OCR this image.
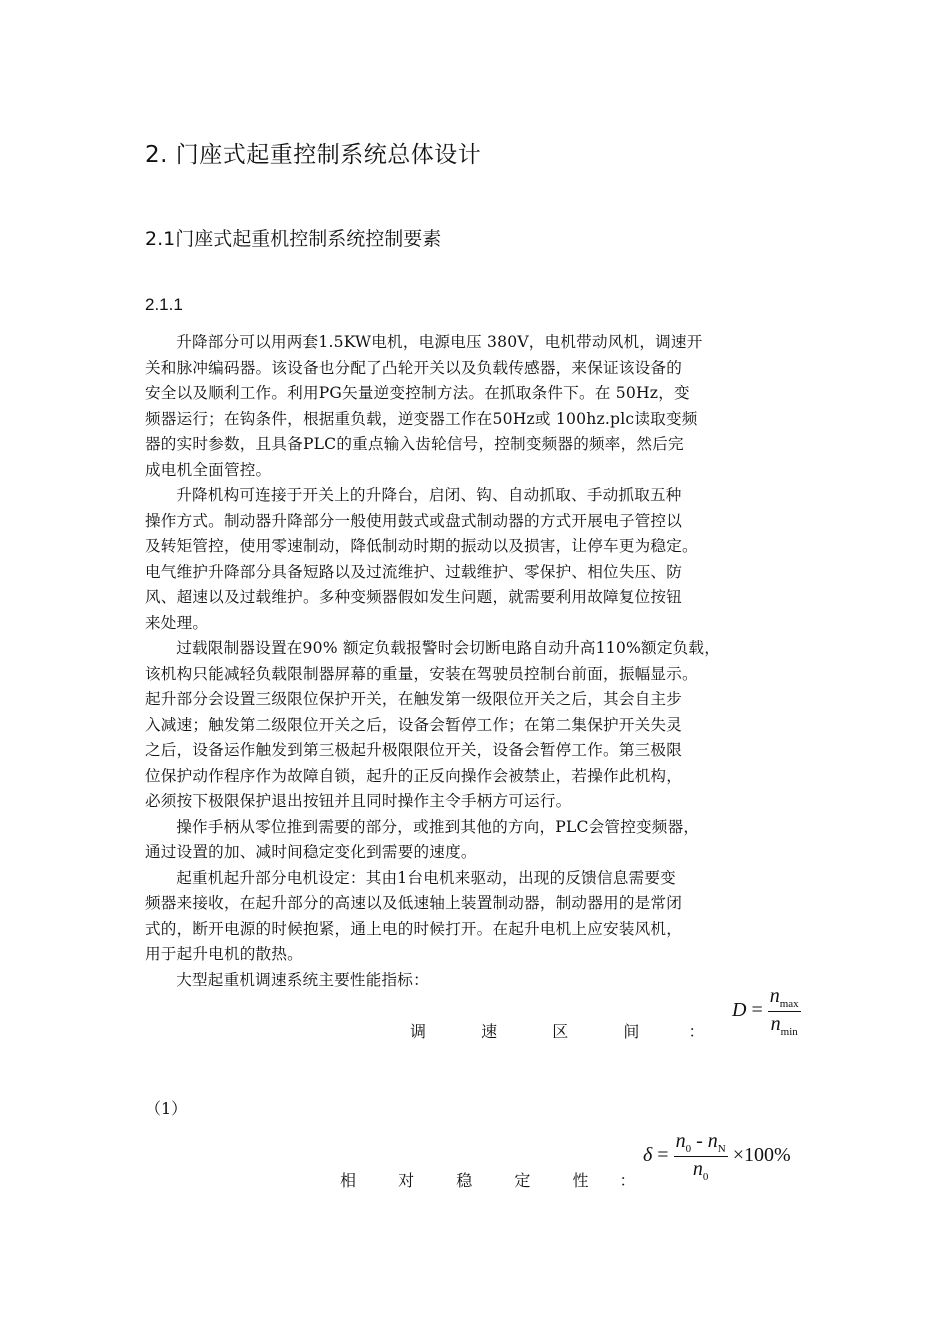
2. 门座式起重控制系统总体设计
2.1门座式起重机控制系统控制要素
2.1.1

升降部分可以用两套1.5KW电机，电源电压 380V，电机带动风机，调速开
关和脉冲编码器。该设备也分配了凸轮开关以及负载传感器，来保证该设备的
安全以及顺利工作。利用PG矢量逆变控制方法。在抓取条件下。在 50Hz，变
频器运行；在钩条件，根据重负载，逆变器工作在50Hz或 100hz.plc读取变频
器的实时参数，且具备PLC的重点输入齿轮信号，控制变频器的频率，然后完
成电机全面管控。

升降机构可连接于开关上的升降台，启闭、钩、自动抓取、手动抓取五种
操作方式。制动器升降部分一般使用鼓式或盘式制动器的方式开展电子管控以
及转矩管控，使用零速制动，降低制动时期的振动以及损害，让停车更为稳定。
电气维护升降部分具备短路以及过流维护、过载维护、零保护、相位失压、防
风、超速以及过载维护。多种变频器假如发生问题，就需要利用故障复位按钮
来处理。

过载限制器设置在90% 额定负载报警时会切断电路自动升高110%额定负载，
该机构只能减轻负载限制器屏幕的重量，安装在驾驶员控制台前面，振幅显示。
起升部分会设置三级限位保护开关，在触发第一级限位开关之后，其会自主步
入减速；触发第二级限位开关之后，设备会暂停工作；在第二集保护开关失灵
之后，设备运作触发到第三极起升极限限位开关，设备会暂停工作。第三极限
位保护动作程序作为故障自锁，起升的正反向操作会被禁止，若操作此机构，
必须按下极限保护退出按钮并且同时操作主令手柄方可运行。

操作手柄从零位推到需要的部分，或推到其他的方向，PLC会管控变频器，
通过设置的加、减时间稳定变化到需要的速度。

起重机起升部分电机设定：其由1台电机来驱动，出现的反馈信息需要变
频器来接收，在起升部分的高速以及低速轴上装置制动器，制动器用的是常闭
式的，断开电源的时候抱紧，通上电的时候打开。在起升电机上应安装风机，
用于起升电机的散热。

大型起重机调速系统主要性能指标：

$D = \frac{n_{max}}{n_{min}}$
调	速	区	间	：
（1）
$\delta = \frac{n_0 - n_N}{n_0} \times 100\%$
相	对	稳	定	性 ：
